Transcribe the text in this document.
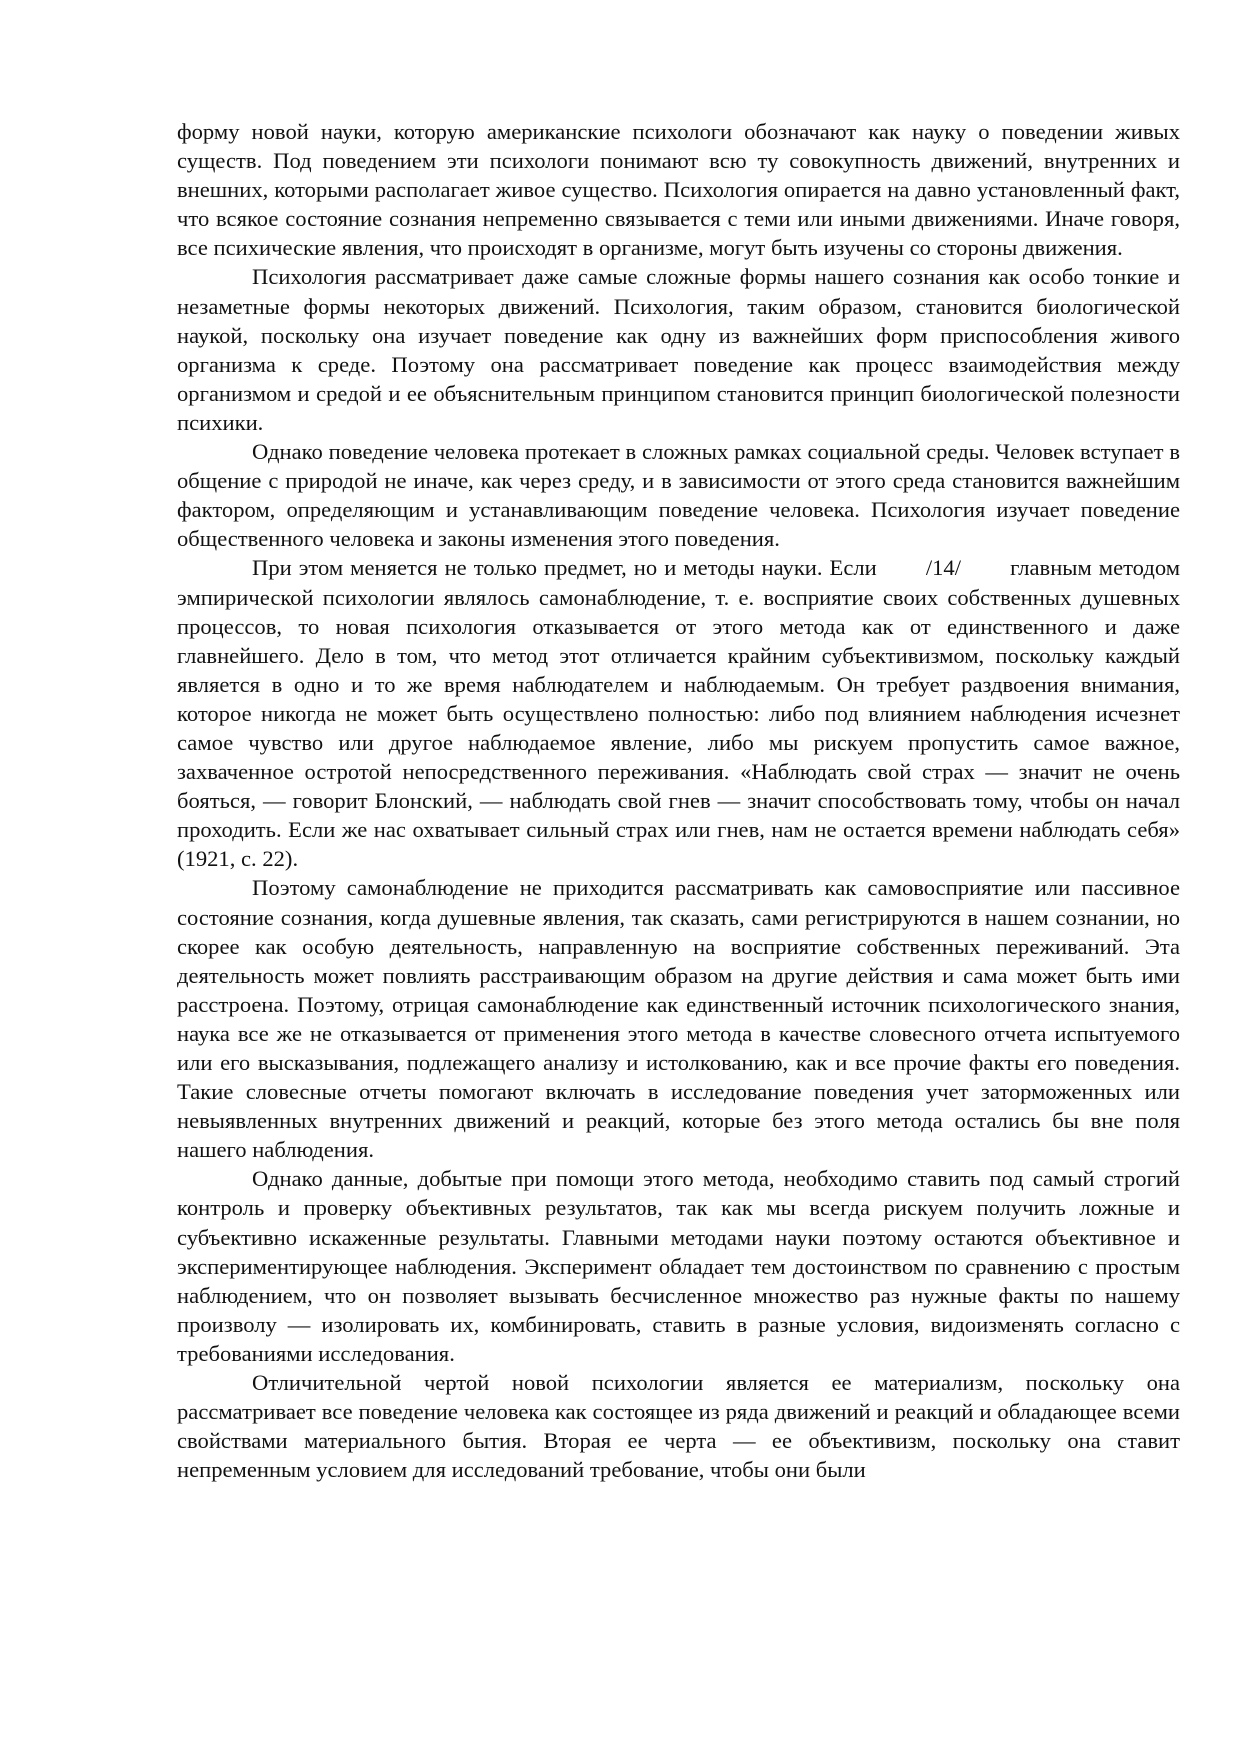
форму новой науки, которую американские психологи обозначают как науку о поведении живых существ. Под поведением эти психологи понимают всю ту совокупность движений, внутренних и внешних, которыми располагает живое существо. Психология опирается на давно установленный факт, что всякое состояние сознания непременно связывается с теми или иными движениями. Иначе говоря, все психические явления, что происходят в организме, могут быть изучены со стороны движения.

Психология рассматривает даже самые сложные формы нашего сознания как особо тонкие и незаметные формы некоторых движений. Психология, таким образом, становится биологической наукой, поскольку она изучает поведение как одну из важнейших форм приспособления живого организма к среде. Поэтому она рассматривает поведение как процесс взаимодействия между организмом и средой и ее объяснительным принципом становится принцип биологической полезности психики.

Однако поведение человека протекает в сложных рамках социальной среды. Человек вступает в общение с природой не иначе, как через среду, и в зависимости от этого среда становится важнейшим фактором, определяющим и устанавливающим поведение человека. Психология изучает поведение общественного человека и законы изменения этого поведения.

При этом меняется не только предмет, но и методы науки. Если       /14/       главным методом эмпирической психологии являлось самонаблюдение, т. е. восприятие своих собственных душевных процессов, то новая психология отказывается от этого метода как от единственного и даже главнейшего. Дело в том, что метод этот отличается крайним субъективизмом, поскольку каждый является в одно и то же время наблюдателем и наблюдаемым. Он требует раздвоения внимания, которое никогда не может быть осуществлено полностью: либо под влиянием наблюдения исчезнет самое чувство или другое наблюдаемое явление, либо мы рискуем пропустить самое важное, захваченное остротой непосредственного переживания. «Наблюдать свой страх — значит не очень бояться, — говорит Блонский, — наблюдать свой гнев — значит способствовать тому, чтобы он начал проходить. Если же нас охватывает сильный страх или гнев, нам не остается времени наблюдать себя» (1921, с. 22).

Поэтому самонаблюдение не приходится рассматривать как самовосприятие или пассивное состояние сознания, когда душевные явления, так сказать, сами регистрируются в нашем сознании, но скорее как особую деятельность, направленную на восприятие собственных переживаний. Эта деятельность может повлиять расстраивающим образом на другие действия и сама может быть ими расстроена. Поэтому, отрицая самонаблюдение как единственный источник психологического знания, наука все же не отказывается от применения этого метода в качестве словесного отчета испытуемого или его высказывания, подлежащего анализу и истолкованию, как и все прочие факты его поведения. Такие словесные отчеты помогают включать в исследование поведения учет заторможенных или невыявленных внутренних движений и реакций, которые без этого метода остались бы вне поля нашего наблюдения.

Однако данные, добытые при помощи этого метода, необходимо ставить под самый строгий контроль и проверку объективных результатов, так как мы всегда рискуем получить ложные и субъективно искаженные результаты. Главными методами науки поэтому остаются объективное и экспериментирующее наблюдения. Эксперимент обладает тем достоинством по сравнению с простым наблюдением, что он позволяет вызывать бесчисленное множество раз нужные факты по нашему произволу — изолировать их, комбинировать, ставить в разные условия, видоизменять согласно с требованиями исследования.

Отличительной чертой новой психологии является ее материализм, поскольку она рассматривает все поведение человека как состоящее из ряда движений и реакций и обладающее всеми свойствами материального бытия. Вторая ее черта — ее объективизм, поскольку она ставит непременным условием для исследований требование, чтобы они были
